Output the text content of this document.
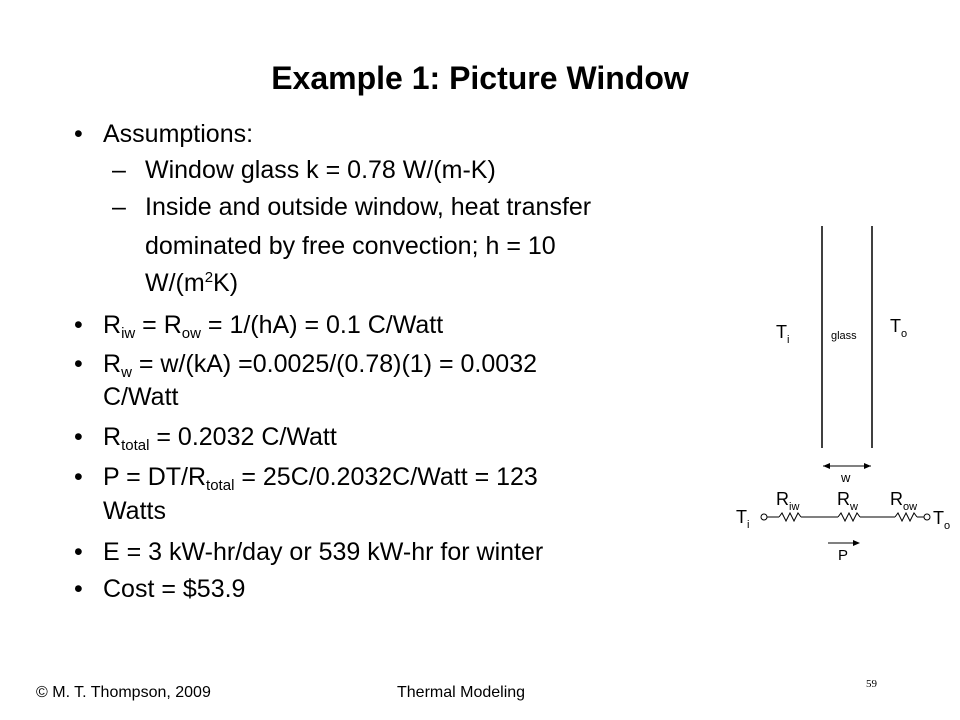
Example 1: Picture Window
• Assumptions:
– Window glass k = 0.78 W/(m-K)
– Inside and outside window, heat transfer
dominated by free convection; h = 10
$W/(m^2K)$
• $R_{iw} = R_{ow} = 1/(hA) = 0.1$ C/Watt
• $R_w = w/(kA) =0.0025/(0.78)(1) = 0.0032$
C/Watt
• $R_{total} = 0.2032$ C/Watt
• $P = DT/R_{total}$ = 25C/0.2032C/Watt = 123
Watts
• E = 3 kW-hr/day or 539 kW-hr for winter
• Cost = $53.9
$T_i$	glass $T_o$
w
$R_{iw}$ $R_w$ $R_{ow}$
$T_i$	$T_o$
P
© M. T. Thompson, 2009	Thermal Modeling	59
